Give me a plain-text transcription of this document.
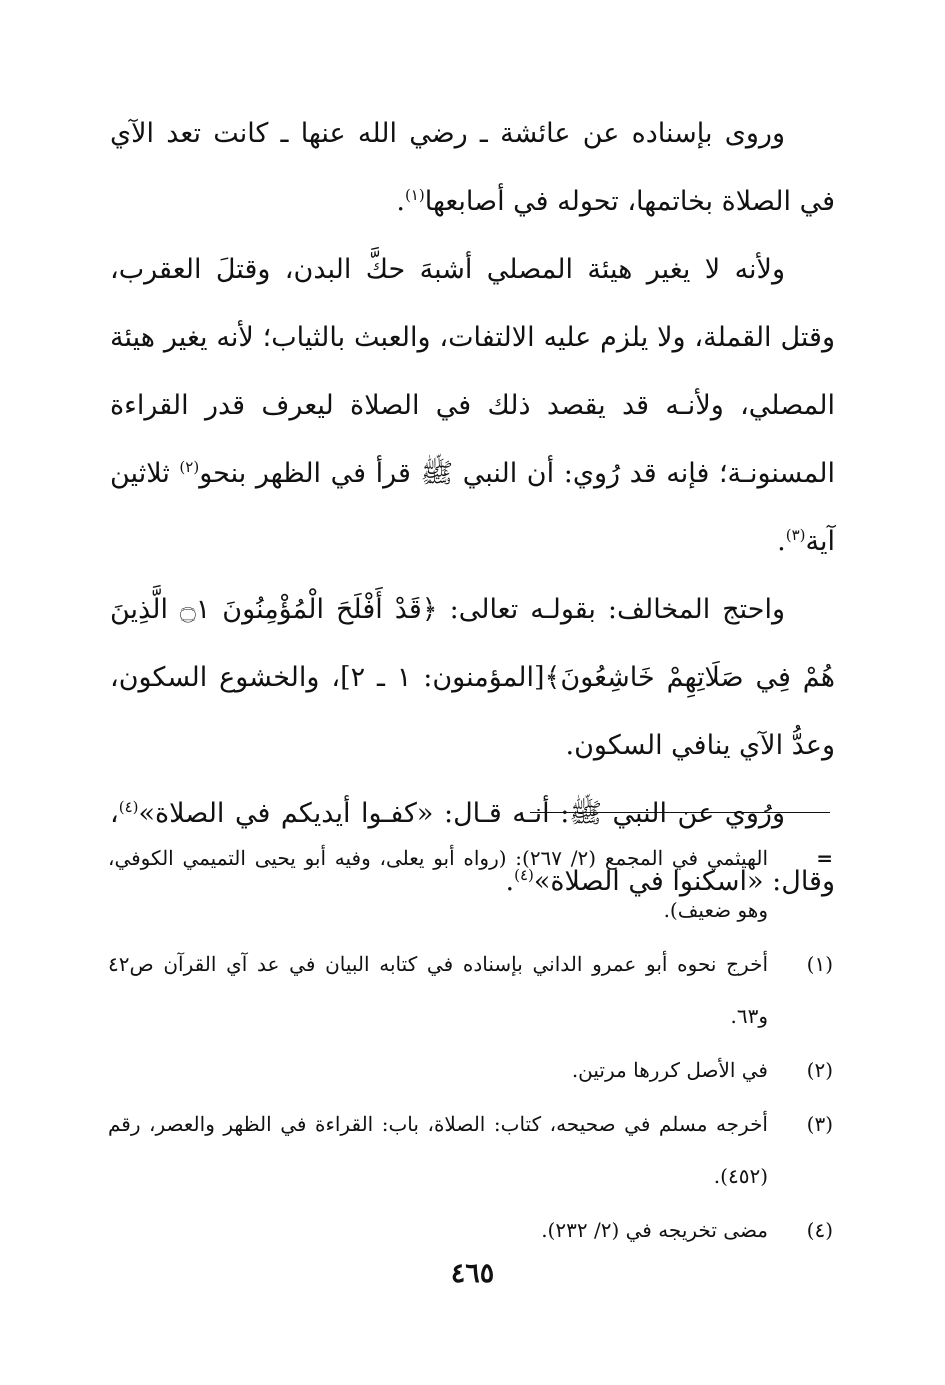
وروى بإسناده عن عائشة ـ رضي الله عنها ـ كانت تعد الآي في الصلاة بخاتمها، تحوله في أصابعها$^{(١)}$.

ولأنه لا يغير هيئة المصلي أشبهَ حكَّ البدن، وقتلَ العقرب، وقتل القملة، ولا يلزم عليه الالتفات، والعبث بالثياب؛ لأنه يغير هيئة المصلي، ولأنـه قد يقصد ذلك في الصلاة ليعرف قدر القراءة المسنونـة؛ فإنه قد رُوي: أن النبي ﷺ قرأ في الظهر بنحو$^{(٢)}$ ثلاثين آية$^{(٣)}$.

واحتج المخالف: بقولـه تعالى: ﴿قَدْ أَفْلَحَ الْمُؤْمِنُونَ ۝١ الَّذِينَ هُمْ فِي صَلَاتِهِمْ خَاشِعُونَ﴾[المؤمنون: ١ ـ ٢]، والخشوع السكون، وعدُّ الآي ينافي السكون.

ورُوي عن النبي ﷺ: أنـه قـال: «كفـوا أيديكم في الصلاة»$^{(٤)}$، وقال: «اسكنوا في الصلاة»$^{(٤)}$.

=
الهيثمي في المجمع (٢/ ٢٦٧): (رواه أبو يعلى، وفيه أبو يحيى التميمي الكوفي، وهو ضعيف).
(١)
أخرج نحوه أبو عمرو الداني بإسناده في كتابه البيان في عد آي القرآن ص٤٢ و٦٣.
(٢)
في الأصل كررها مرتين.
(٣)
أخرجه مسلم في صحيحه، كتاب: الصلاة، باب: القراءة في الظهر والعصر، رقم (٤٥٢).
(٤)
مضى تخريجه في (٢/ ٢٣٢).
٤٦٥
